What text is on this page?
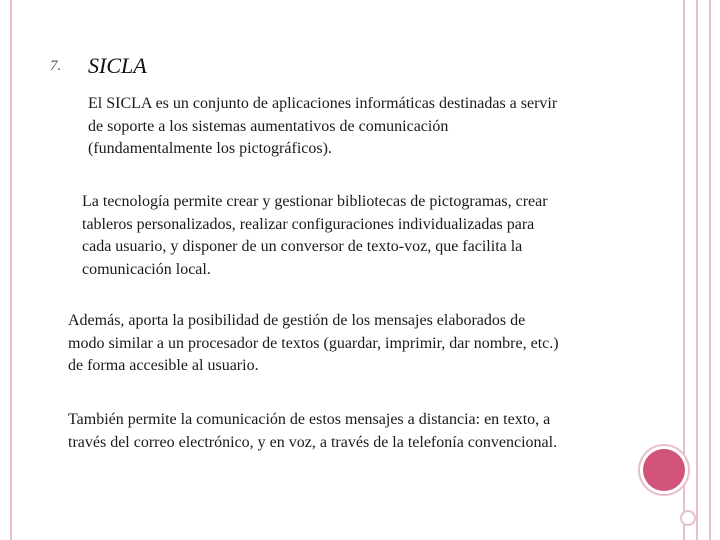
7. SICLA

El SICLA es un conjunto de aplicaciones informáticas destinadas a servir
de soporte a los sistemas aumentativos de comunicación
(fundamentalmente los pictográficos).

La tecnología permite crear y gestionar bibliotecas de pictogramas, crear
tableros personalizados, realizar configuraciones individualizadas para
cada usuario, y disponer de un conversor de texto-voz, que facilita la
comunicación local.

Además, aporta la posibilidad de gestión de los mensajes elaborados de
modo similar a un procesador de textos (guardar, imprimir, dar nombre, etc.)
de forma accesible al usuario.

También permite la comunicación de estos mensajes a distancia: en texto, a
través del correo electrónico, y en voz, a través de la telefonía convencional.
